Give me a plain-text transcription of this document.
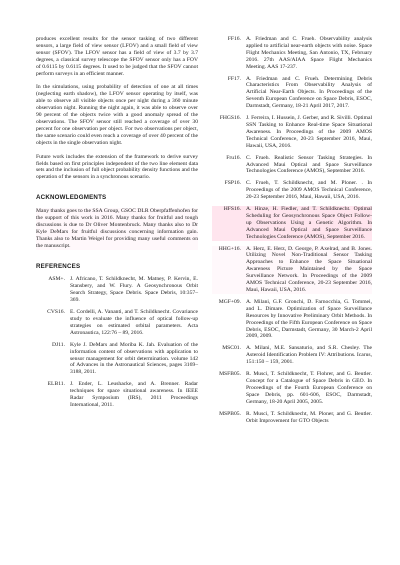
produces excellent results for the sensor tasking of two different sensors, a large field of view sensor (LFOV) and a small field of view sensor (SFOV). The LFOV sensor has a field of view of 3.7 by 3.7 degrees, a classical survey telescope the SFOV sensor only has a FOV of 0.6115 by 0.6115 degrees. It used to be judged that the SFOV cannot perform surveys in an efficient manner.

In the simulations, using probability of detection of one at all times (neglecting earth shadow), the LFOV sensor operating by itself, was able to observe all visible objects once per night during a 360 minute observation night. Running the night again, it was able to observe over 90 percent of the objects twice with a good anomaly spread of the observations. The SFOV sensor still reached a coverage of over 30 percent for one observation per object. For two observations per object, the same scenario could even reach a coverage of over 40 percent of the objects in the single observation night.

Future work includes the extension of the framework to derive survey fields based on first principles independent of the two line element data sets and the inclusion of full object probability density functions and the operation of the sensors in a synchronous scenario.

ACKNOWLEDGMENTS

Many thanks goes to the SSA Group, GSOC DLR Oberpfaffenhofen for the support of this work in 2016. Many thanks for fruitful and tough discussions is due to Dr Oliver Montenbruck. Many thanks also to Dr Kyle DeMars for fruitful discussions concerning information gain. Thanks also to Martin Weigel for providing many useful comments on the manuscript.

REFERENCES
ASM+. J. Africano, T. Schildknecht, M. Matney, P. Kervin, E. Stansbery, and W. Flury. A Geosynchronous Orbit Search Strategy, Space Debris. Space Debris, 10:357–369.
CVS16. E. Cordelli, A. Vananti, and T. Schildknecht. Covariance study to evaluate the influence of optical follow-up strategies on estimated orbital parameters. Acta Astronautica, 122:76 – 89, 2016.
DJ11. Kyle J. DeMars and Moriba K. Jah. Evaluation of the information content of observations with application to sensor management for orbit determination. volume 142 of Advances in the Astronautical Sciences, pages 3169–3188, 2011.
ELB11. J. Ender, L. Leushacke, and A. Brenner. Radar techniques for space situational awareness. In IEEE Radar Symposium (IRS), 2011 Proceedings International, 2011.
FF16. A. Friedman and C. Frueh. Observability analysis applied to artificial near-earth objects with noise. Space Flight Mechanics Meeting, San Antonio, TX, February 2016. 27th AAS/AIAA Space Flight Mechanics Meeting. AAS 17-237.
FF17. A. Friedman and C. Frueh. Determining Debris Characteristics From Observability Analysis of Artificial Near-Earth Objects. In Proceedings of the Seventh European Conference on Space Debris, ESOC, Darmstadt, Germany, 18-21 April 2017, 2017.
FHGS16. J. Ferreira, I. Hussein, J. Gerber, and R. Sivilli. Optimal SSN Tasking to Enhance Real-time Space Situational Awareness. In Proceedings of the 2009 AMOS Technical Conference, 20-23 September 2016, Maui, Hawaii, USA, 2016.
Fru16. C. Frueh. Realistic Sensor Tasking Strategies. In Advanced Maui Optical and Space Surveillance Technologies Conference (AMOS), September 2016.
FSP16. C. Frueh, T. Schildknecht, and M. Ploner. . In Proceedings of the 2009 AMOS Technical Conference, 20-23 September 2016, Maui, Hawaii, USA, 2016.
HFS16. A. Hinze, H. Fiedler, and T. Schildknecht. Optimal Scheduling for Geosynchronous Space Object Follow-up Observations Using a Genetic Algorithm. In Advanced Maui Optical and Space Surveillance Technologies Conference (AMOS), September 2016.
HHG+16. A. Herz, E. Herz, D. George, P. Axelrad, and B. Jones. Utilizing Novel Non-Traditional Sensor Tasking Approaches to Enhance the Space Situational Awareness Picture Maintained by the Space Surveillance Network. In Proceedings of the 2009 AMOS Technical Conference, 20-23 September 2016, Maui, Hawaii, USA, 2016.
MGF+09. A. Milani, G.F. Gronchi, D. Farnocchia, G. Tommei, and L. Dimare. Optimization of Space Surveillance Resources by Innovative Preliminary Orbit Methods. In Proceedings of the Fifth European Conference on Space Debris, ESOC, Darmstadt, Germany, 30 March-2 April 2009, 2009.
MSC01. A. Milani, M.E. Sansaturio, and S.R. Chesley. The Asteroid Identification Problem IV: Attributions. Icarus, 151:150 – 159, 2001.
MSFB05. R. Musci, T. Schildknecht, T. Flohrer, and G. Beutler. Concept for a Catalogue of Space Debris in GEO. In Proceedings of the Fourth European Conference on Space Debris, pp. 601-606, ESOC, Darmstadt, Germany, 18-20 April 2005, 2005.
MSPB05. R. Musci, T. Schildknecht, M. Ploner, and G. Beutler. Orbit Improvement for GTO Objects
